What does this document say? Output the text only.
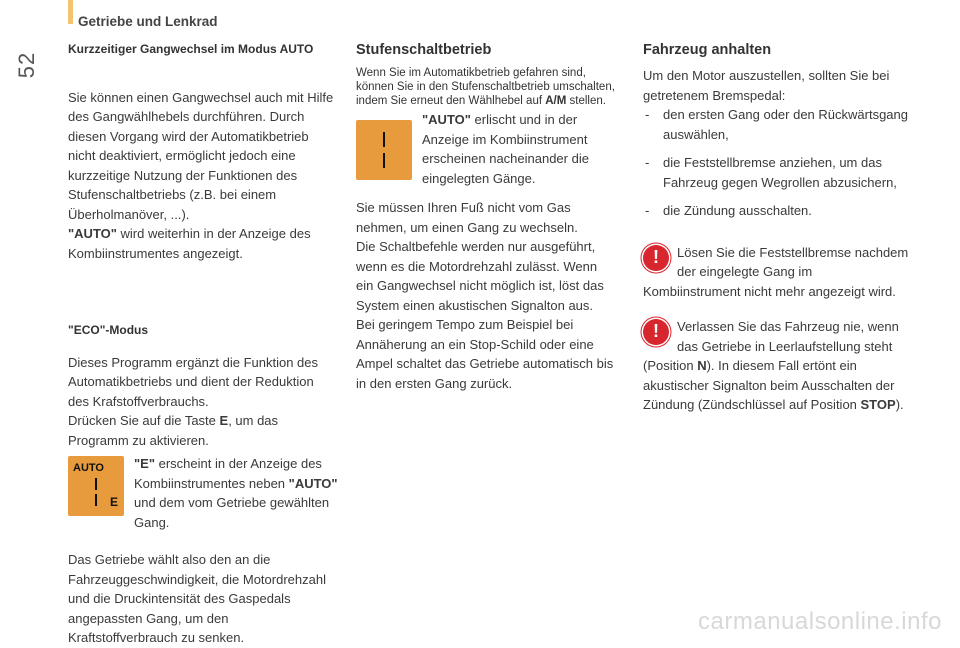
52
Getriebe und Lenkrad

Kurzzeitiger Gangwechsel im Modus AUTO

Sie können einen Gangwechsel auch mit Hilfe des Gangwählhebels durchführen. Durch diesen Vorgang wird der Automatikbetrieb nicht deaktiviert, ermöglicht jedoch eine kurzzeitige Nutzung der Funktionen des Stufenschaltbetriebs (z.B. bei einem Überholmanöver, ...).
"AUTO" wird weiterhin in der Anzeige des Kombiinstrumentes angezeigt.

"ECO"-Modus

Dieses Programm ergänzt die Funktion des Automatikbetriebs und dient der Reduktion des Krafstoffverbrauchs.

Drücken Sie auf die Taste E, um das Programm zu aktivieren.

AUTO
E

"E" erscheint in der Anzeige des Kombiinstrumentes neben "AUTO" und dem vom Getriebe gewählten Gang.

Das Getriebe wählt also den an die Fahrzeuggeschwindigkeit, die Motordrehzahl und die Druckintensität des Gaspedals angepassten Gang, um den Kraftstoffverbrauch zu senken.

Stufenschaltbetrieb

Wenn Sie im Automatikbetrieb gefahren sind, können Sie in den Stufenschaltbetrieb umschalten, indem Sie erneut den Wählhebel auf A/M stellen.

"AUTO" erlischt und in der Anzeige im Kombiinstrument erscheinen nacheinander die eingelegten Gänge.

Sie müssen Ihren Fuß nicht vom Gas nehmen, um einen Gang zu wechseln.

Die Schaltbefehle werden nur ausgeführt, wenn es die Motordrehzahl zulässt. Wenn ein Gangwechsel nicht möglich ist, löst das System einen akustischen Signalton aus.

Bei geringem Tempo zum Beispiel bei Annäherung an ein Stop-Schild oder eine Ampel schaltet das Getriebe automatisch bis in den ersten Gang zurück.

Fahrzeug anhalten

Um den Motor auszustellen, sollten Sie bei getretenem Bremspedal:

- den ersten Gang oder den Rückwärtsgang auswählen,
- die Feststellbremse anziehen, um das Fahrzeug gegen Wegrollen abzusichern,
- die Zündung ausschalten.
!	Lösen Sie die Feststellbremse nachdem der eingelegte Gang im Kombiinstrument nicht mehr angezeigt wird.

!	Verlassen Sie das Fahrzeug nie, wenn das Getriebe in Leerlaufstellung steht (Position N). In diesem Fall ertönt ein akustischer Signalton beim Ausschalten der Zündung (Zündschlüssel auf Position STOP).

carmanualsonline.info
